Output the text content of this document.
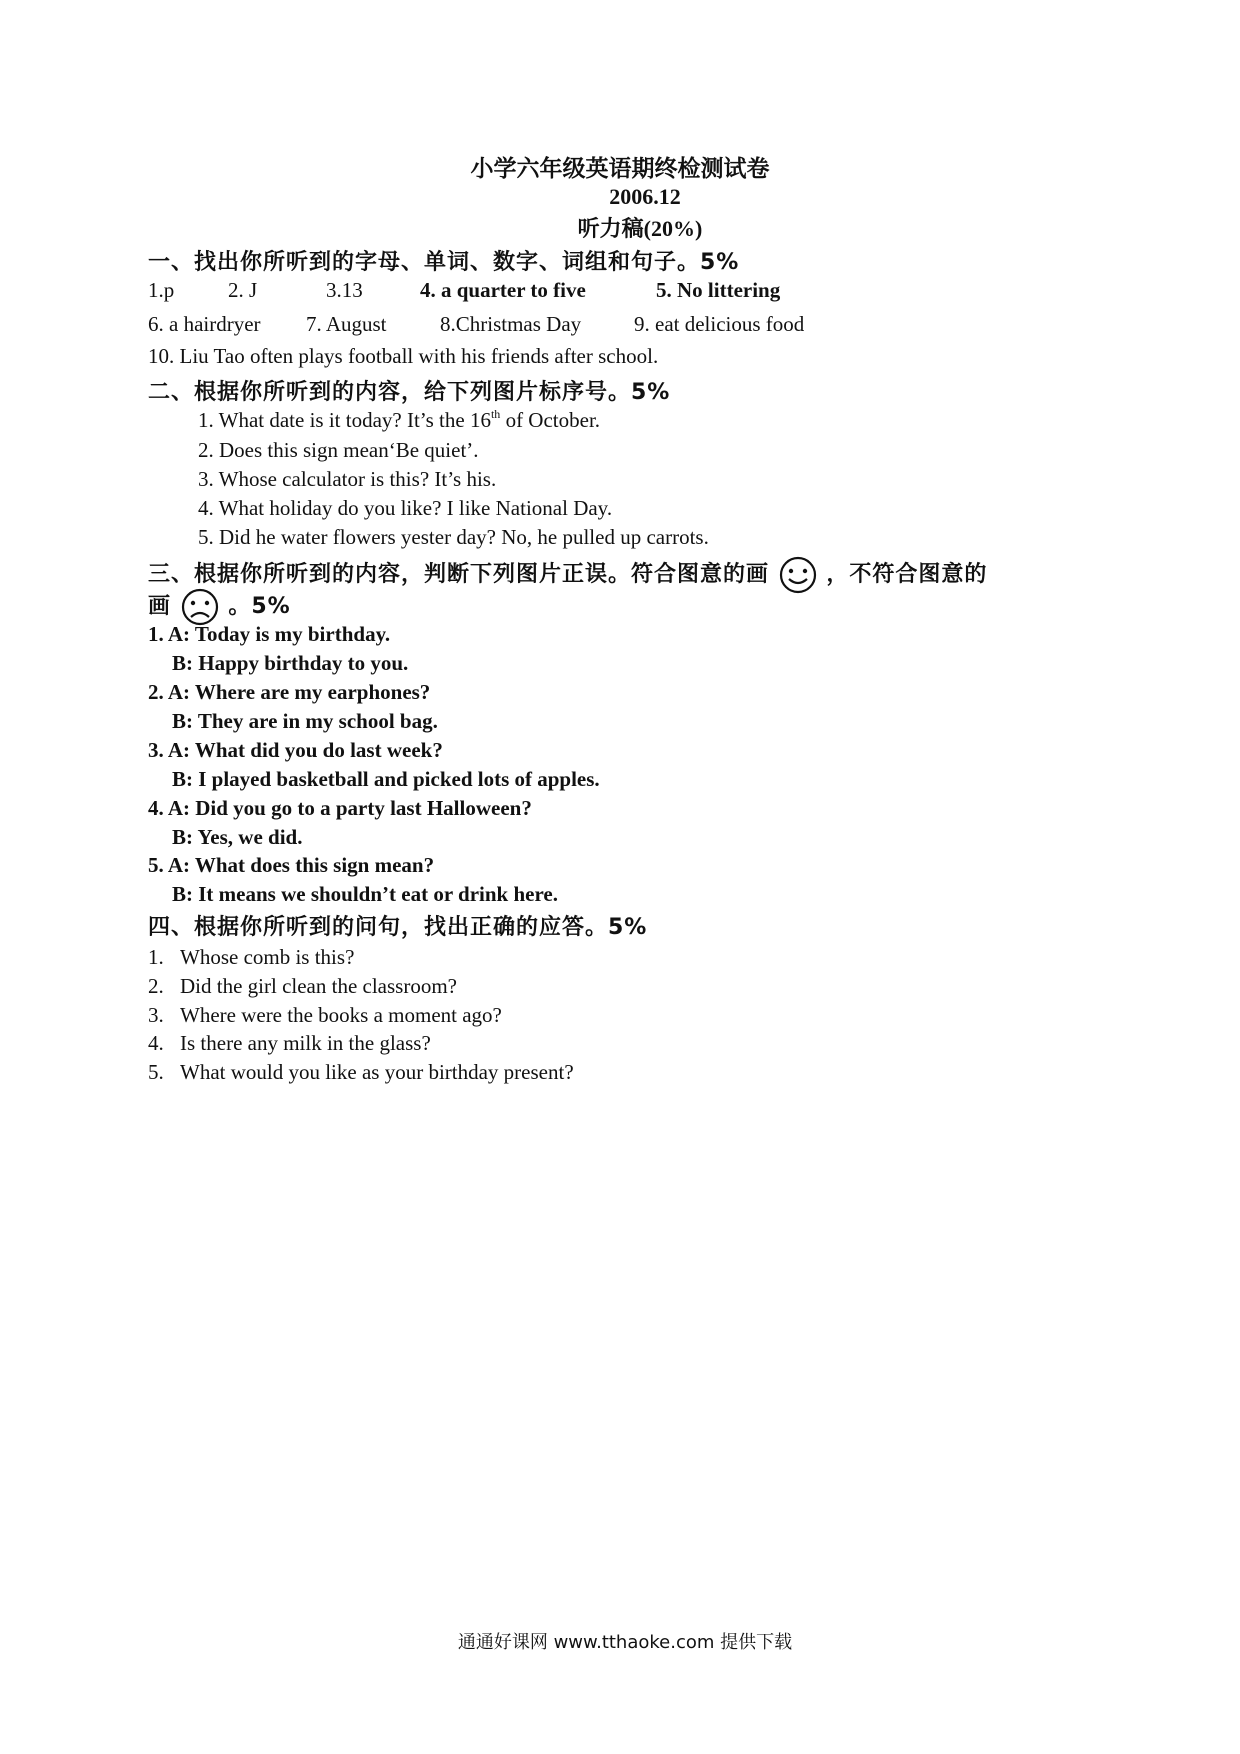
小学六年级英语期终检测试卷
2006.12
听力稿(20%)
一、找出你所听到的字母、单词、数字、词组和句子。5%
1.p	2. J	3.13	4. a quarter to five	5. No littering
6. a hairdryer 7. August	8.Christmas Day	9. eat delicious food
10. Liu Tao often plays football with his friends after school.
二、根据你所听到的内容，给下列图片标序号。5%
1. What date is it today? It’s the 16th of October.
2. Does this sign mean‘Be quiet’.
3. Whose calculator is this? It’s his.
4. What holiday do you like? I like National Day.
5. Did he water flowers yester day? No, he pulled up carrots.
三、根据你所听到的内容，判断下列图片正误。符合图意的画	，不符合图意的
画	。5%
1. A: Today is my birthday.
B: Happy birthday to you.
2. A: Where are my earphones?
B: They are in my school bag.
3. A: What did you do last week?
B: I played basketball and picked lots of apples.
4. A: Did you go to a party last Halloween?
B: Yes, we did.
5. A: What does this sign mean?
B: It means we shouldn’t eat or drink here.
四、根据你所听到的问句，找出正确的应答。5%
1. Whose comb is this?
2. Did the girl clean the classroom?
3. Where were the books a moment ago?
4. Is there any milk in the glass?
5. What would you like as your birthday present?
通通好课网 www.tthaoke.com 提供下载
